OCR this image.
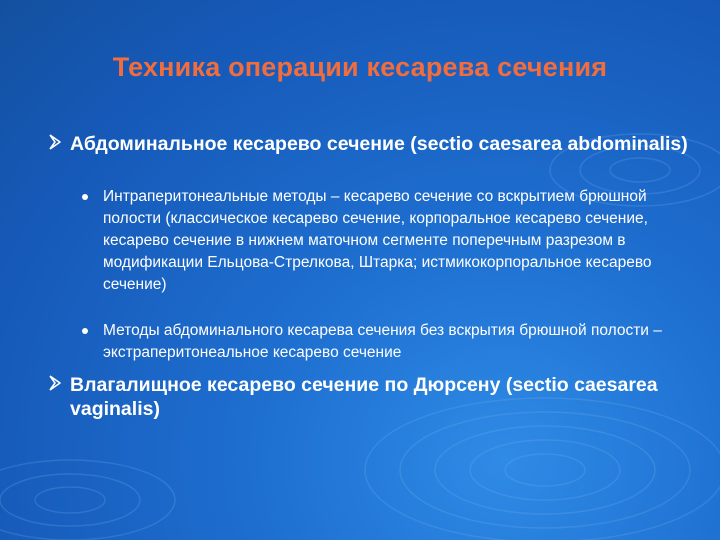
Техника операции кесарева сечения
Абдоминальное кесарево сечение (sectio caesarea abdominalis)
Интраперитонеальные методы – кесарево сечение со вскрытием брюшной полости (классическое кесарево сечение, корпоральное кесарево сечение, кесарево сечение в нижнем маточном сегменте поперечным разрезом в модификации Ельцова-Стрелкова, Штарка; истмикокорпоральное кесарево сечение)
Методы абдоминального кесарева сечения без вскрытия брюшной полости – экстраперитонеальное кесарево сечение
Влагалищное кесарево сечение по Дюрсену (sectio caesarea vaginalis)
